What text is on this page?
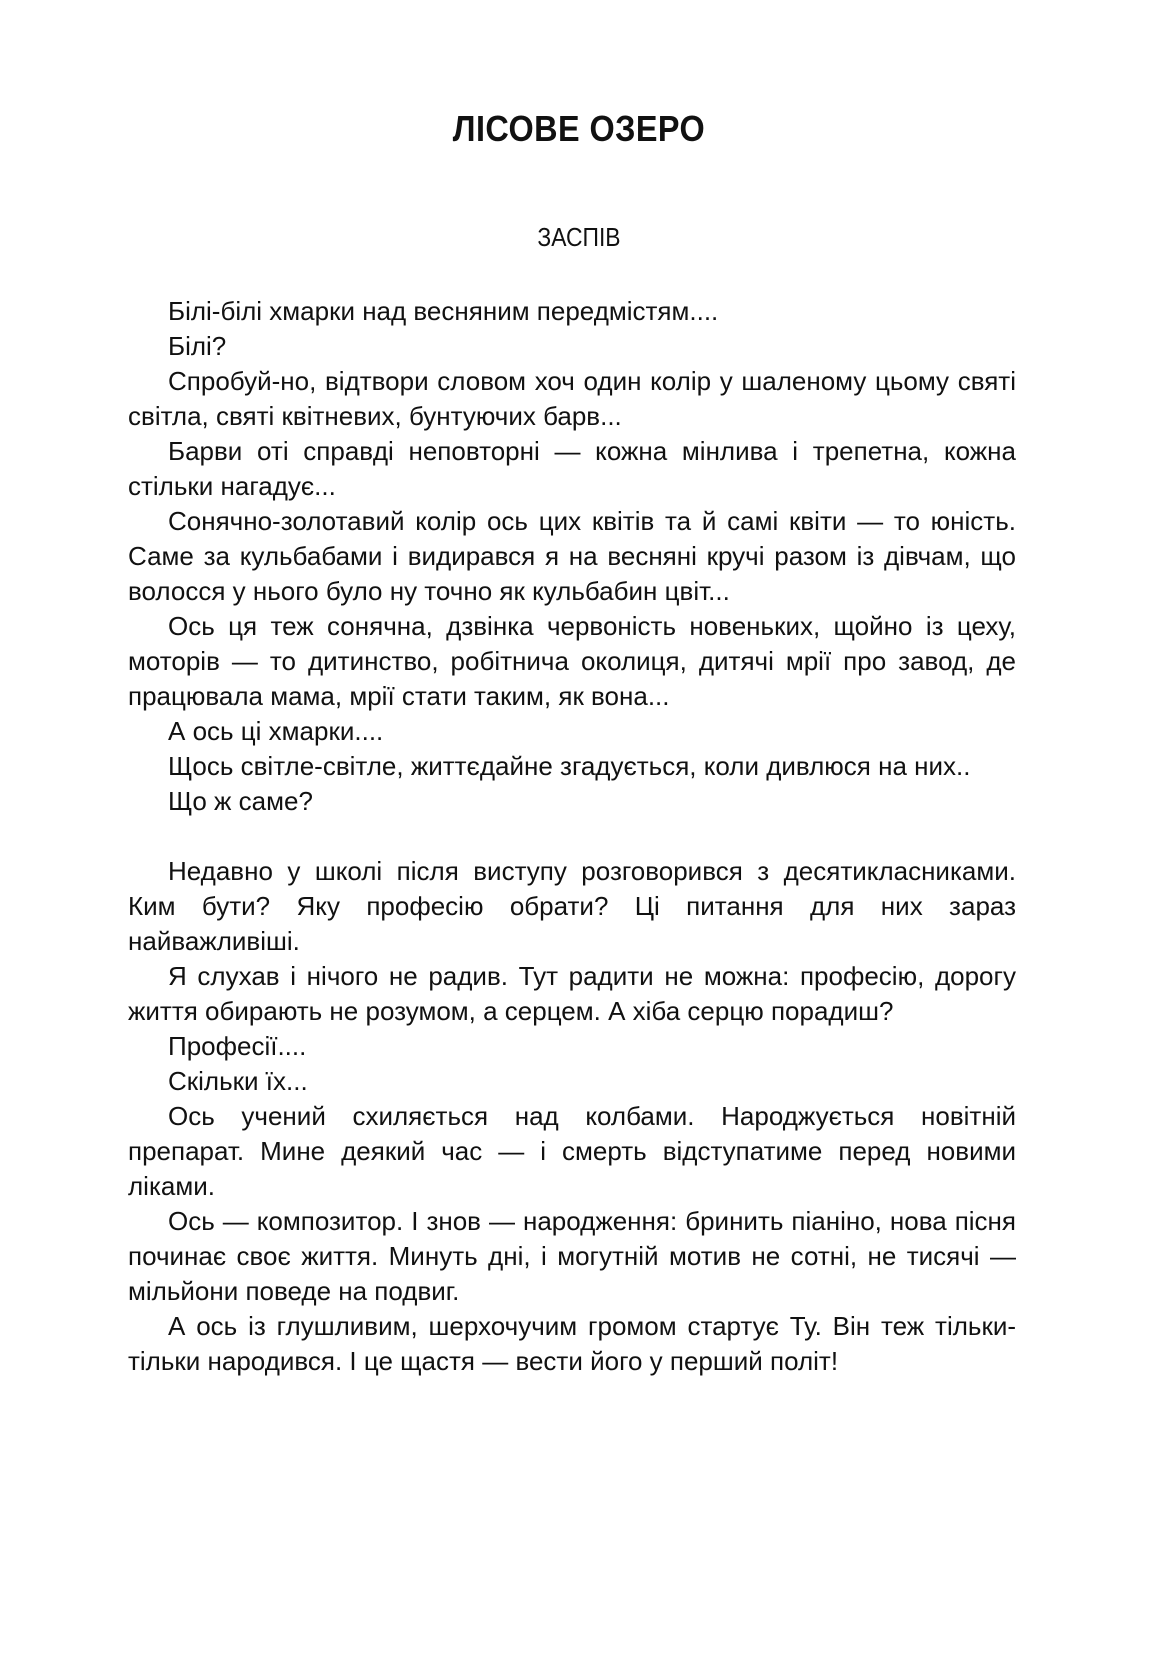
ЛІСОВЕ ОЗЕРО
ЗАСПІВ

Білі-білі хмарки над весняним передмістям....

Білі?

Спробуй-но, відтвори словом хоч один колір у шаленому цьому святі світла, святі квітневих, бунтуючих барв...

Барви оті справді неповторні — кожна мінлива і трепетна, кожна стільки нагадує...

Сонячно-золотавий колір ось цих квітів та й самі квіти — то юність. Саме за кульбабами і видирався я на весняні кручі разом із дівчам, що волосся у нього було ну точно як кульбабин цвіт...

Ось ця теж сонячна, дзвінка червоність новеньких, щойно із цеху, моторів — то дитинство, робітнича околиця, дитячі мрії про завод, де працювала мама, мрії стати таким, як вона...

А ось ці хмарки....

Щось світле-світле, життєдайне згадується, коли дивлюся на них..

Що ж саме?

Недавно у школі після виступу розговорився з десятикласниками. Ким бути? Яку професію обрати? Ці питання для них зараз найважливіші.

Я слухав і нічого не радив. Тут радити не можна: професію, дорогу життя обирають не розумом, а серцем. А хіба серцю порадиш?

Професії....

Скільки їх...

Ось учений схиляється над колбами. Народжується новітній препарат. Мине деякий час — і смерть відступатиме перед новими ліками.

Ось — композитор. І знов — народження: бринить піаніно, нова пісня починає своє життя. Минуть дні, і могутній мотив не сотні, не тисячі — мільйони поведе на подвиг.

А ось із глушливим, шерхочучим громом стартує Ту. Він теж тільки-тільки народився. І це щастя — вести його у перший політ!
